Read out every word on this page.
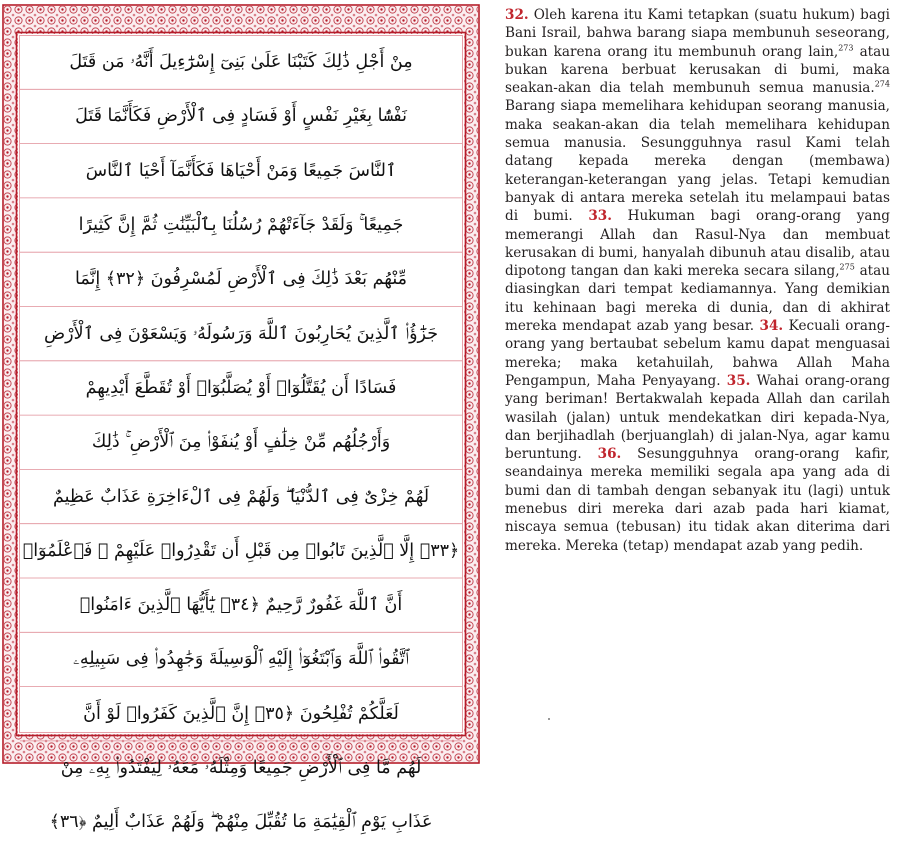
مِنْ أَجْلِ ذَٰلِكَ كَتَبْنَا عَلَىٰ بَنِىٓ إِسْرَٰٓءِيلَ أَنَّهُۥ مَن قَتَلَ
نَفْسًۢا بِغَيْرِ نَفْسٍ أَوْ فَسَادٍ فِى ٱلْأَرْضِ فَكَأَنَّمَا قَتَلَ
ٱلنَّاسَ جَمِيعًا وَمَنْ أَحْيَاهَا فَكَأَنَّمَآ أَحْيَا ٱلنَّاسَ
جَمِيعًا ۚ وَلَقَدْ جَآءَتْهُمْ رُسُلُنَا بِٱلْبَيِّنَٰتِ ثُمَّ إِنَّ كَثِيرًا
مِّنْهُم بَعْدَ ذَٰلِكَ فِى ٱلْأَرْضِ لَمُسْرِفُونَ ﴿٣٢﴾ إِنَّمَا
جَزَٰٓؤُا۟ ٱلَّذِينَ يُحَارِبُونَ ٱللَّهَ وَرَسُولَهُۥ وَيَسْعَوْنَ فِى ٱلْأَرْضِ
فَسَادًا أَن يُقَتَّلُوٓا۟ أَوْ يُصَلَّبُوٓا۟ أَوْ تُقَطَّعَ أَيْدِيهِمْ
وَأَرْجُلُهُم مِّنْ خِلَٰفٍ أَوْ يُنفَوْا۟ مِنَ ٱلْأَرْضِ ۚ ذَٰلِكَ
لَهُمْ خِزْىٌ فِى ٱلدُّنْيَا ۖ وَلَهُمْ فِى ٱلْءَاخِرَةِ عَذَابٌ عَظِيمٌ
﴿٣٣﴾ إِلَّا ٱلَّذِينَ تَابُوا۟ مِن قَبْلِ أَن تَقْدِرُوا۟ عَلَيْهِمْ ۖ فَٱعْلَمُوٓا۟
أَنَّ ٱللَّهَ غَفُورٌ رَّحِيمٌ ﴿٣٤﴾ يَٰٓأَيُّهَا ٱلَّذِينَ ءَامَنُوا۟
ٱتَّقُوا۟ ٱللَّهَ وَٱبْتَغُوٓا۟ إِلَيْهِ ٱلْوَسِيلَةَ وَجَٰهِدُوا۟ فِى سَبِيلِهِۦ
لَعَلَّكُمْ تُفْلِحُونَ ﴿٣٥﴾ إِنَّ ٱلَّذِينَ كَفَرُوا۟ لَوْ أَنَّ
لَهُم مَّا فِى ٱلْأَرْضِ جَمِيعًا وَمِثْلَهُۥ مَعَهُۥ لِيَفْتَدُوا۟ بِهِۦ مِنْ
عَذَابِ يَوْمِ ٱلْقِيَٰمَةِ مَا تُقُبِّلَ مِنْهُمْ ۖ وَلَهُمْ عَذَابٌ أَلِيمٌ ﴿٣٦﴾

32. Oleh karena itu Kami tetapkan (suatu hukum) bagi Bani Israil, bahwa barang siapa membunuh seseorang, bukan karena orang itu membunuh orang lain,$^{273}$ atau bukan karena berbuat kerusakan di bumi, maka seakan-akan dia telah membunuh semua manusia.$^{274}$ Barang siapa memelihara kehidupan seorang manusia, maka seakan-akan dia telah memelihara kehidupan semua manusia. Sesungguhnya rasul Kami telah datang kepada mereka dengan (membawa) keterangan-keterangan yang jelas. Tetapi kemudian banyak di antara mereka setelah itu melampaui batas di bumi. 33. Hukuman bagi orang-orang yang memerangi Allah dan Rasul-Nya dan membuat kerusakan di bumi, hanyalah dibunuh atau disalib, atau dipotong tangan dan kaki mereka secara silang,$^{275}$ atau diasingkan dari tempat kediamannya. Yang demikian itu kehinaan bagi mereka di dunia, dan di akhirat mereka mendapat azab yang besar. 34. Kecuali orang-orang yang bertaubat sebelum kamu dapat menguasai mereka; maka ketahuilah, bahwa Allah Maha Pengampun, Maha Penyayang. 35. Wahai orang-orang yang beriman! Bertakwalah kepada Allah dan carilah wasilah (jalan) untuk mendekatkan diri kepada-Nya, dan berjihadlah (berjuanglah) di jalan-Nya, agar kamu beruntung. 36. Sesungguhnya orang-orang kafir, seandainya mereka memiliki segala apa yang ada di bumi dan di tambah dengan sebanyak itu (lagi) untuk menebus diri mereka dari azab pada hari kiamat, niscaya semua (tebusan) itu tidak akan diterima dari mereka. Mereka (tetap) mendapat azab yang pedih.
